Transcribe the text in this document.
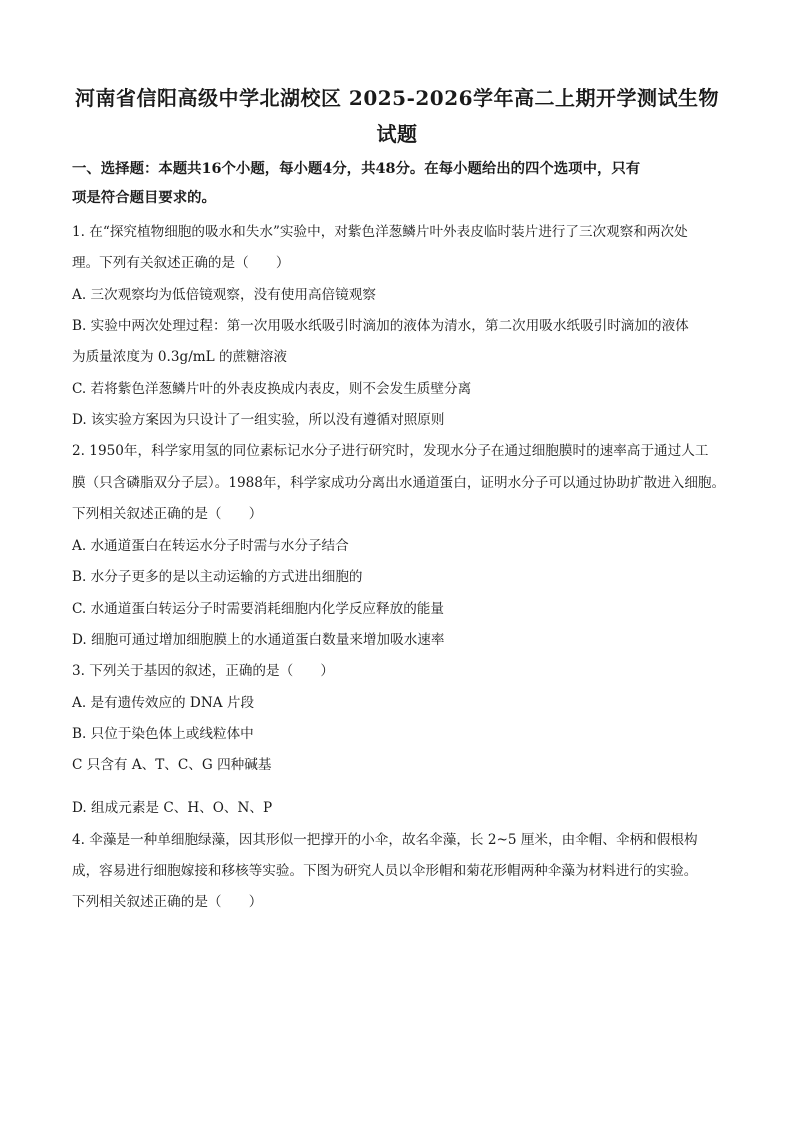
河南省信阳高级中学北湖校区 2025-2026学年高二上期开学测试生物
试题
一、选择题：本题共16个小题，每小题4分，共48分。在每小题给出的四个选项中，只有
项是符合题目要求的。
1. 在“探究植物细胞的吸水和失水”实验中，对紫色洋葱鳞片叶外表皮临时装片进行了三次观察和两次处
理。下列有关叙述正确的是（　　）
A. 三次观察均为低倍镜观察，没有使用高倍镜观察
B. 实验中两次处理过程：第一次用吸水纸吸引时滴加的液体为清水，第二次用吸水纸吸引时滴加的液体
为质量浓度为 0.3g/mL 的蔗糖溶液
C. 若将紫色洋葱鳞片叶的外表皮换成内表皮，则不会发生质壁分离
D. 该实验方案因为只设计了一组实验，所以没有遵循对照原则
2. 1950年，科学家用氢的同位素标记水分子进行研究时，发现水分子在通过细胞膜时的速率高于通过人工
膜（只含磷脂双分子层）。1988年，科学家成功分离出水通道蛋白，证明水分子可以通过协助扩散进入细胞。
下列相关叙述正确的是（　　）
A. 水通道蛋白在转运水分子时需与水分子结合
B. 水分子更多的是以主动运输的方式进出细胞的
C. 水通道蛋白转运分子时需要消耗细胞内化学反应释放的能量
D. 细胞可通过增加细胞膜上的水通道蛋白数量来增加吸水速率
3. 下列关于基因的叙述，正确的是（　　）
A. 是有遗传效应的 DNA 片段
B. 只位于染色体上或线粒体中
C 只含有 A、T、C、G 四种碱基
D. 组成元素是 C、H、O、N、P
4. 伞藻是一种单细胞绿藻，因其形似一把撑开的小伞，故名伞藻，长 2~5 厘米，由伞帽、伞柄和假根构
成，容易进行细胞嫁接和移核等实验。下图为研究人员以伞形帽和菊花形帽两种伞藻为材料进行的实验。
下列相关叙述正确的是（　　）
